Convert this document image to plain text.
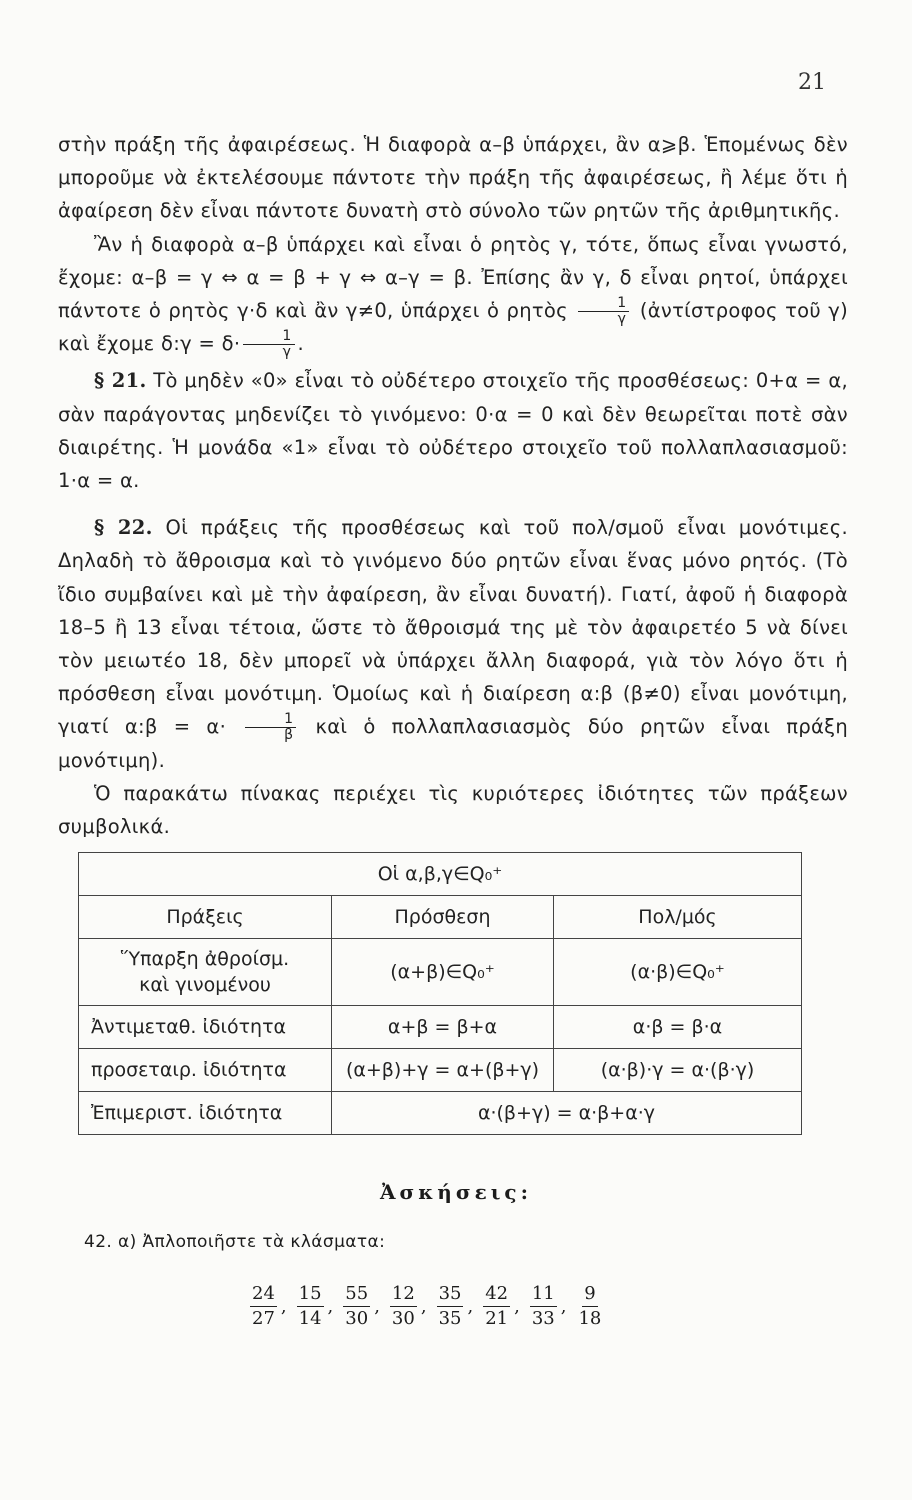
21

στὴν πράξη τῆς ἀφαιρέσεως. Ἡ διαφορὰ α–β ὑπάρχει, ἂν α⩾β. Ἑπομένως δὲν μποροῦμε νὰ ἐκτελέσουμε πάντοτε τὴν πράξη τῆς ἀφαιρέσεως, ἢ λέμε ὅτι ἡ ἀφαίρεση δὲν εἶναι πάντοτε δυνατὴ στὸ σύνολο τῶν ρητῶν τῆς ἀριθμητικῆς.

Ἂν ἡ διαφορὰ α–β ὑπάρχει καὶ εἶναι ὁ ρητὸς γ, τότε, ὅπως εἶναι γνωστό, ἔχομε: α–β = γ ⇔ α = β + γ ⇔ α–γ = β. Ἐπίσης ἂν γ, δ εἶναι ρητοί, ὑπάρχει πάντοτε ὁ ρητὸς γ·δ καὶ ἂν γ≠0, ὑπάρχει ὁ ρητὸς $\frac{1}{\gamma}$ (ἀντίστροφος τοῦ γ) καὶ ἔχομε δ:γ = $\delta\cdot \frac{1}{\gamma}$ .

§ 21. Τὸ μηδὲν «0» εἶναι τὸ οὐδέτερο στοιχεῖο τῆς προσθέσεως: 0+α = α, σὰν παράγοντας μηδενίζει τὸ γινόμενο: 0·α = 0 καὶ δὲν θεωρεῖται ποτὲ σὰν διαιρέτης. Ἡ μονάδα «1» εἶναι τὸ οὐδέτερο στοιχεῖο τοῦ πολλαπλασιασμοῦ: 1·α = α.

§ 22. Οἱ πράξεις τῆς προσθέσεως καὶ τοῦ πολ/σμοῦ εἶναι μονότιμες. Δηλαδὴ τὸ ἄθροισμα καὶ τὸ γινόμενο δύο ρητῶν εἶναι ἕνας μόνο ρητός. (Τὸ ἴδιο συμβαίνει καὶ μὲ τὴν ἀφαίρεση, ἂν εἶναι δυνατή). Γιατί, ἀφοῦ ἡ διαφορὰ 18–5 ἢ 13 εἶναι τέτοια, ὥστε τὸ ἄθροισμά της μὲ τὸν ἀφαιρετέο 5 νὰ δίνει τὸν μειωτέο 18, δὲν μπορεῖ νὰ ὑπάρχει ἄλλη διαφορά, γιὰ τὸν λόγο ὅτι ἡ πρόσθεση εἶναι μονότιμη. Ὁμοίως καὶ ἡ διαίρεση α:β (β≠0) εἶναι μονότιμη, γιατί α:β = $\alpha\cdot \frac{1}{\beta}$ καὶ ὁ πολλαπλασιασμὸς δύο ρητῶν εἶναι πράξη μονότιμη).

Ὁ παρακάτω πίνακας περιέχει τὶς κυριότερες ἰδιότητες τῶν πράξεων συμβολικά.

Οἱ α,β,γ∈Q₀⁺		
Πράξεις	Πρόσθεση	Πολ/μός

Ὕπαρξη ἀθροίσμ.
καὶ γινομένου	(α+β)∈Q₀⁺	(α·β)∈Q₀⁺
Ἀντιμεταθ. ἰδιότητα	α+β = β+α	α·β = β·α
προσεταιρ. ἰδιότητα	(α+β)+γ = α+(β+γ)	(α·β)·γ = α·(β·γ)
Ἐπιμεριστ. ἰδιότητα	α·(β+γ) = α·β+α·γ	
Ἀσκήσεις:
42. α) Ἀπλοποιῆστε τὰ κλάσματα:
$\frac{24}{27}$ , $\frac{15}{14}$ , $\frac{55}{30}$ , $\frac{12}{30}$ , $\frac{35}{35}$ , $\frac{42}{21}$ , $\frac{11}{33}$ , $\frac{9}{18}$
